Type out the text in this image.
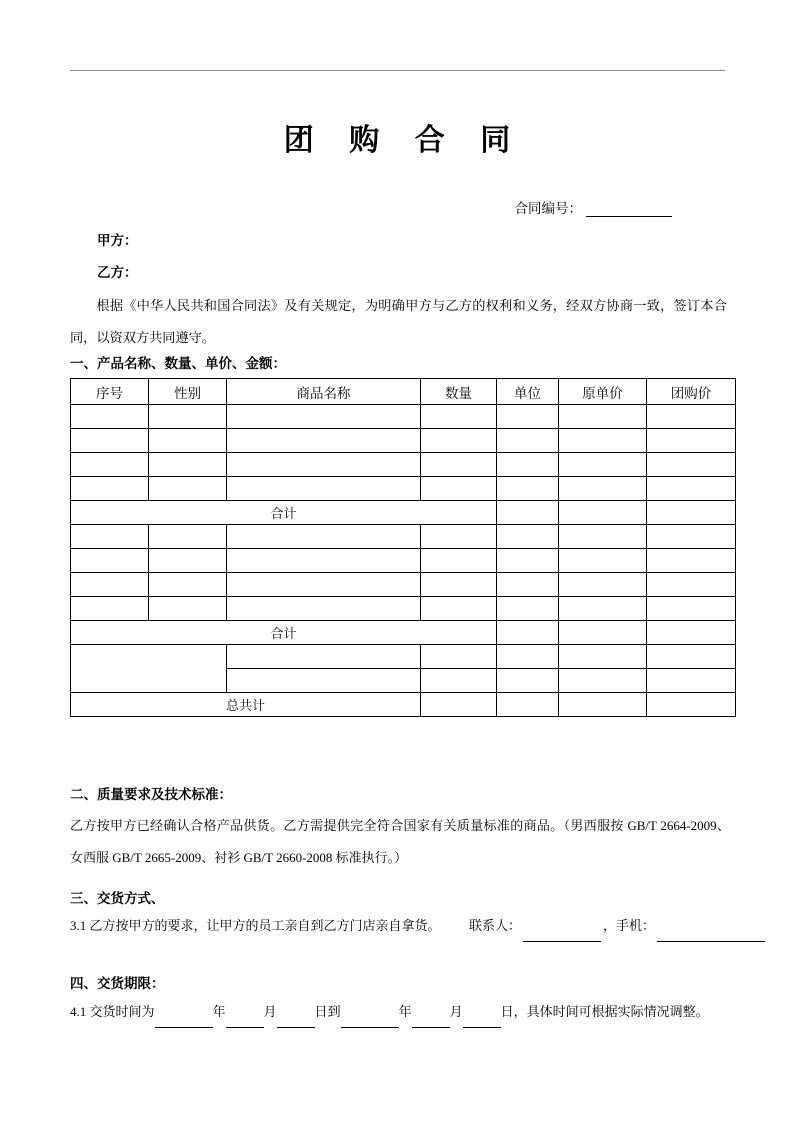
团 购 合 同
合同编号：
甲方：
乙方：
根据《中华人民共和国合同法》及有关规定，为明确甲方与乙方的权利和义务，经双方协商一致，签订本合同，以资双方共同遵守。
一、产品名称、数量、单价、金额：
序号	性别	商品名称	数量	单位	原单价	团购价

合计						

合计						

总共计						
二、质量要求及技术标准：
乙方按甲方已经确认合格产品供货。乙方需提供完全符合国家有关质量标准的商品。（男西服按 GB/T 2664-2009、 女西服 GB/T 2665-2009、衬衫 GB/T 2660-2008 标准执行。）
三、交货方式、
3.1 乙方按甲方的要求，让甲方的员工亲自到乙方门店亲自拿货。 联系人：	，手机：
四、交货期限：
4.1 交货时间为	年	月	日到	年	月	日，具体时间可根据实际情况调整。
